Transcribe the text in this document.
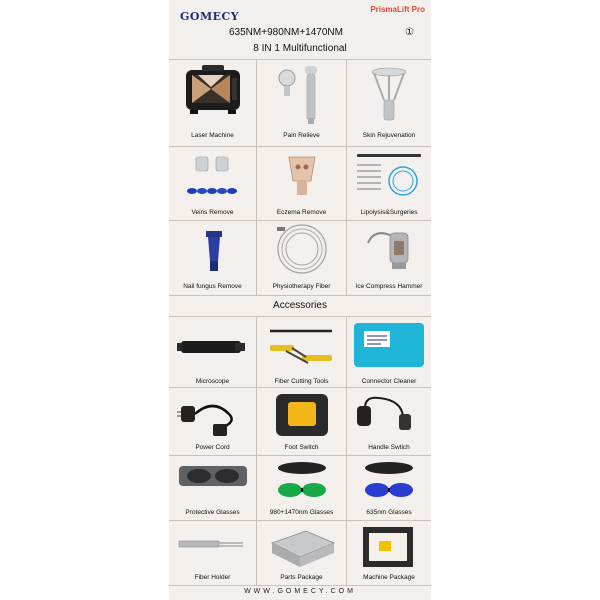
GOMECY
PrismaLift Pro
635NM+980NM+1470NM	①
8 IN 1 Multifunctional
Laser Machine	Pain Relieve	Skin Rejuvenation
Veins Remove	Eczema Remove	Lipolysis&Surgeries
Nail fungus Remove	Physiotherapy Fiber	Ice Compress Hammer
Accessories
Microscope	Fiber Cutting Tools	Connector Cleaner
Power Cord	Foot Switch	Handle Swtich
Protective Glasses	980+1470nm Glasses	635nm Glasses
Fiber Holder	Parts Package	Machine Package
WWW.GOMECY.COM
